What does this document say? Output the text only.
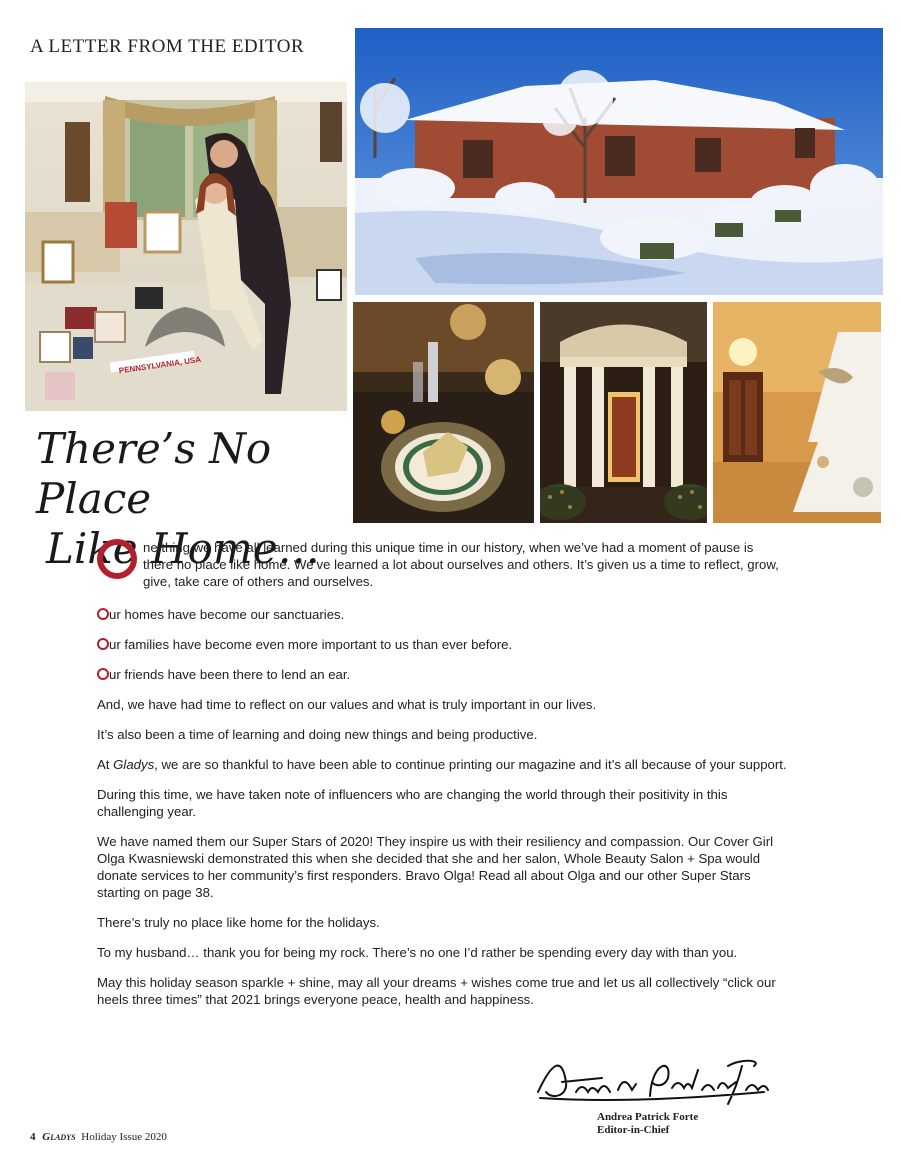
A LETTER FROM THE EDITOR
PENNSYLVANIA, USA
There’s No Place
Like Home…

ne thing we have all learned during this unique time in our history, when we’ve had a moment of pause is there no place like home. We’ve learned a lot about ourselves and others. It’s given us a time to reflect, grow, give, take care of others and ourselves.

ur homes have become our sanctuaries.

ur families have become even more important to us than ever before.

ur friends have been there to lend an ear.

And, we have had time to reflect on our values and what is truly important in our lives.

It’s also been a time of learning and doing new things and being productive.

At Gladys, we are so thankful to have been able to continue printing our magazine and it’s all because of your support.

During this time, we have taken note of influencers who are changing the world through their positivity in this challenging year.

We have named them our Super Stars of 2020! They inspire us with their resiliency and compassion. Our Cover Girl Olga Kwasniewski demonstrated this when she decided that she and her salon, Whole Beauty Salon + Spa would donate services to her community’s first responders. Bravo Olga! Read all about Olga and our other Super Stars starting on page 38.

There’s truly no place like home for the holidays.

To my husband… thank you for being my rock. There’s no one I’d rather be spending every day with than you.

May this holiday season sparkle + shine, may all your dreams + wishes come true and let us all collectively “click our heels three times” that 2021 brings everyone peace, health and happiness.

Andrea Patrick Forte
Editor-in-Chief
4 Gladys Holiday Issue 2020
